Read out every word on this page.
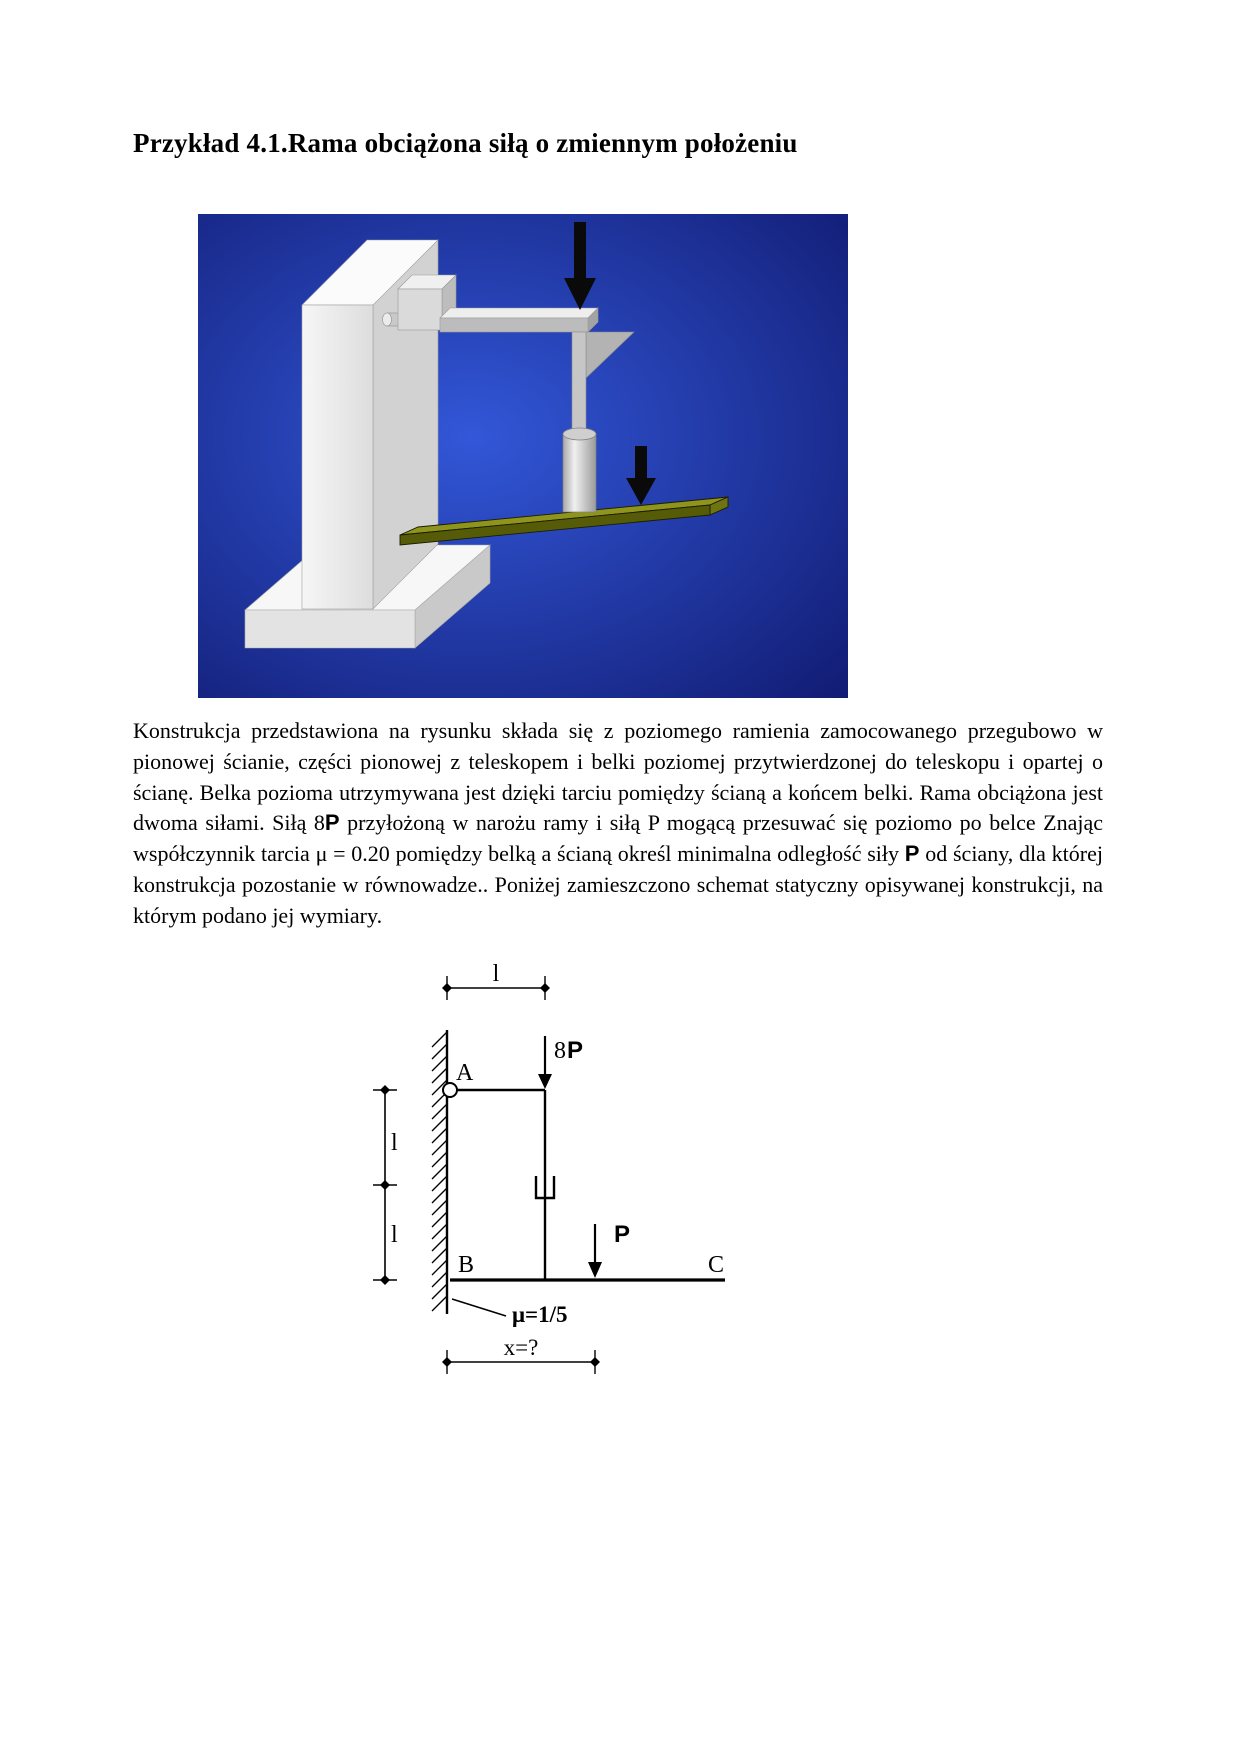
Przykład 4.1.Rama obciążona siłą o zmiennym położeniu

Konstrukcja przedstawiona na rysunku składa się z poziomego ramienia zamocowanego przegubowo w pionowej ścianie, części pionowej z teleskopem i belki poziomej przytwierdzonej do teleskopu i opartej o ścianę. Belka pozioma utrzymywana jest dzięki tarciu pomiędzy ścianą a końcem belki. Rama obciążona jest dwoma siłami. Siłą 8P przyłożoną w narożu ramy i siłą P mogącą przesuwać się poziomo po belce Znając współczynnik tarcia μ = 0.20 pomiędzy belką a ścianą określ minimalna odległość siły P od ściany, dla której konstrukcja pozostanie w równowadze.. Poniżej zamieszczono schemat statyczny opisywanej konstrukcji, na którym podano jej wymiary.

l
l
l
x=?
A
B	C
8 P
P
μ=1/5
